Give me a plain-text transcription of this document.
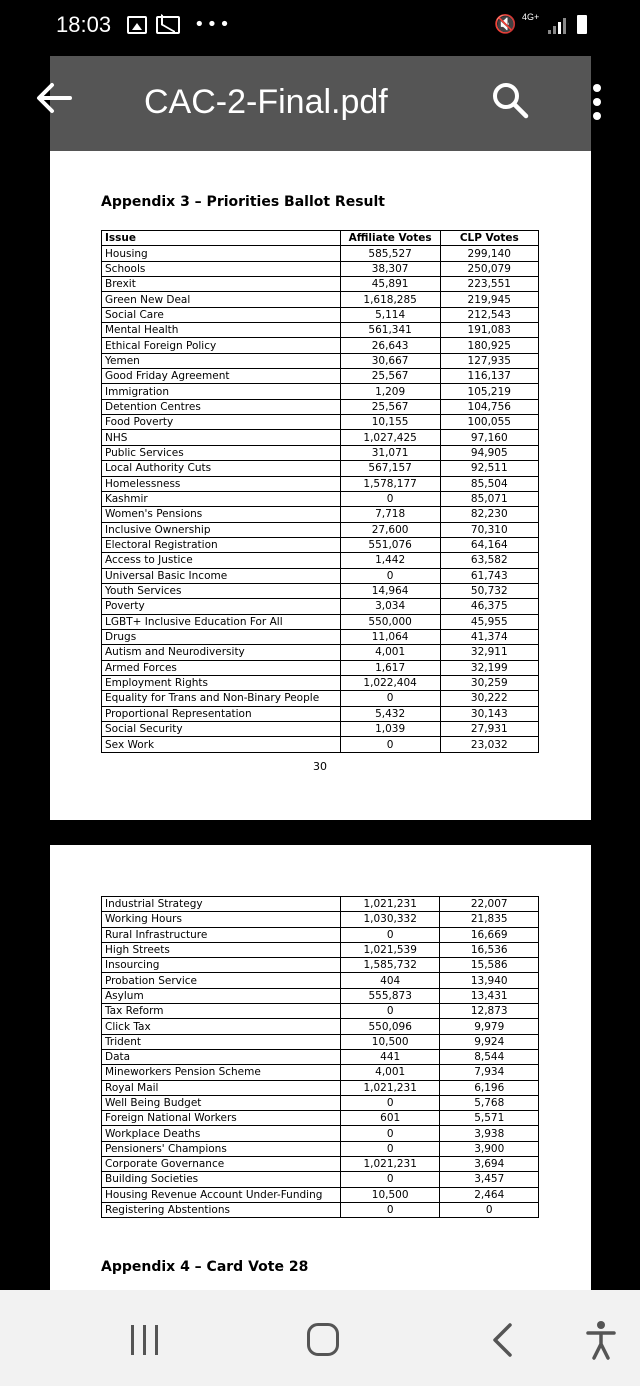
18:03	•••	🔇 4G+
CAC-2-Final.pdf
Appendix 3 – Priorities Ballot Result
Issue	Affiliate Votes	CLP Votes
Housing	585,527	299,140
Schools	38,307	250,079
Brexit	45,891	223,551
Green New Deal	1,618,285	219,945
Social Care	5,114	212,543
Mental Health	561,341	191,083
Ethical Foreign Policy	26,643	180,925
Yemen	30,667	127,935
Good Friday Agreement	25,567	116,137
Immigration	1,209	105,219
Detention Centres	25,567	104,756
Food Poverty	10,155	100,055
NHS	1,027,425	97,160
Public Services	31,071	94,905
Local Authority Cuts	567,157	92,511
Homelessness	1,578,177	85,504
Kashmir	0	85,071
Women's Pensions	7,718	82,230
Inclusive Ownership	27,600	70,310
Electoral Registration	551,076	64,164
Access to Justice	1,442	63,582
Universal Basic Income	0	61,743
Youth Services	14,964	50,732
Poverty	3,034	46,375
LGBT+ Inclusive Education For All	550,000	45,955
Drugs	11,064	41,374
Autism and Neurodiversity	4,001	32,911
Armed Forces	1,617	32,199
Employment Rights	1,022,404	30,259
Equality for Trans and Non-Binary People	0	30,222
Proportional Representation	5,432	30,143
Social Security	1,039	27,931
Sex Work	0	23,032
30
Industrial Strategy	1,021,231	22,007
Working Hours	1,030,332	21,835
Rural Infrastructure	0	16,669
High Streets	1,021,539	16,536
Insourcing	1,585,732	15,586
Probation Service	404	13,940
Asylum	555,873	13,431
Tax Reform	0	12,873
Click Tax	550,096	9,979
Trident	10,500	9,924
Data	441	8,544
Mineworkers Pension Scheme	4,001	7,934
Royal Mail	1,021,231	6,196
Well Being Budget	0	5,768
Foreign National Workers	601	5,571
Workplace Deaths	0	3,938
Pensioners' Champions	0	3,900
Corporate Governance	1,021,231	3,694
Building Societies	0	3,457
Housing Revenue Account Under-Funding	10,500	2,464
Registering Abstentions	0	0
Appendix 4 – Card Vote 28
